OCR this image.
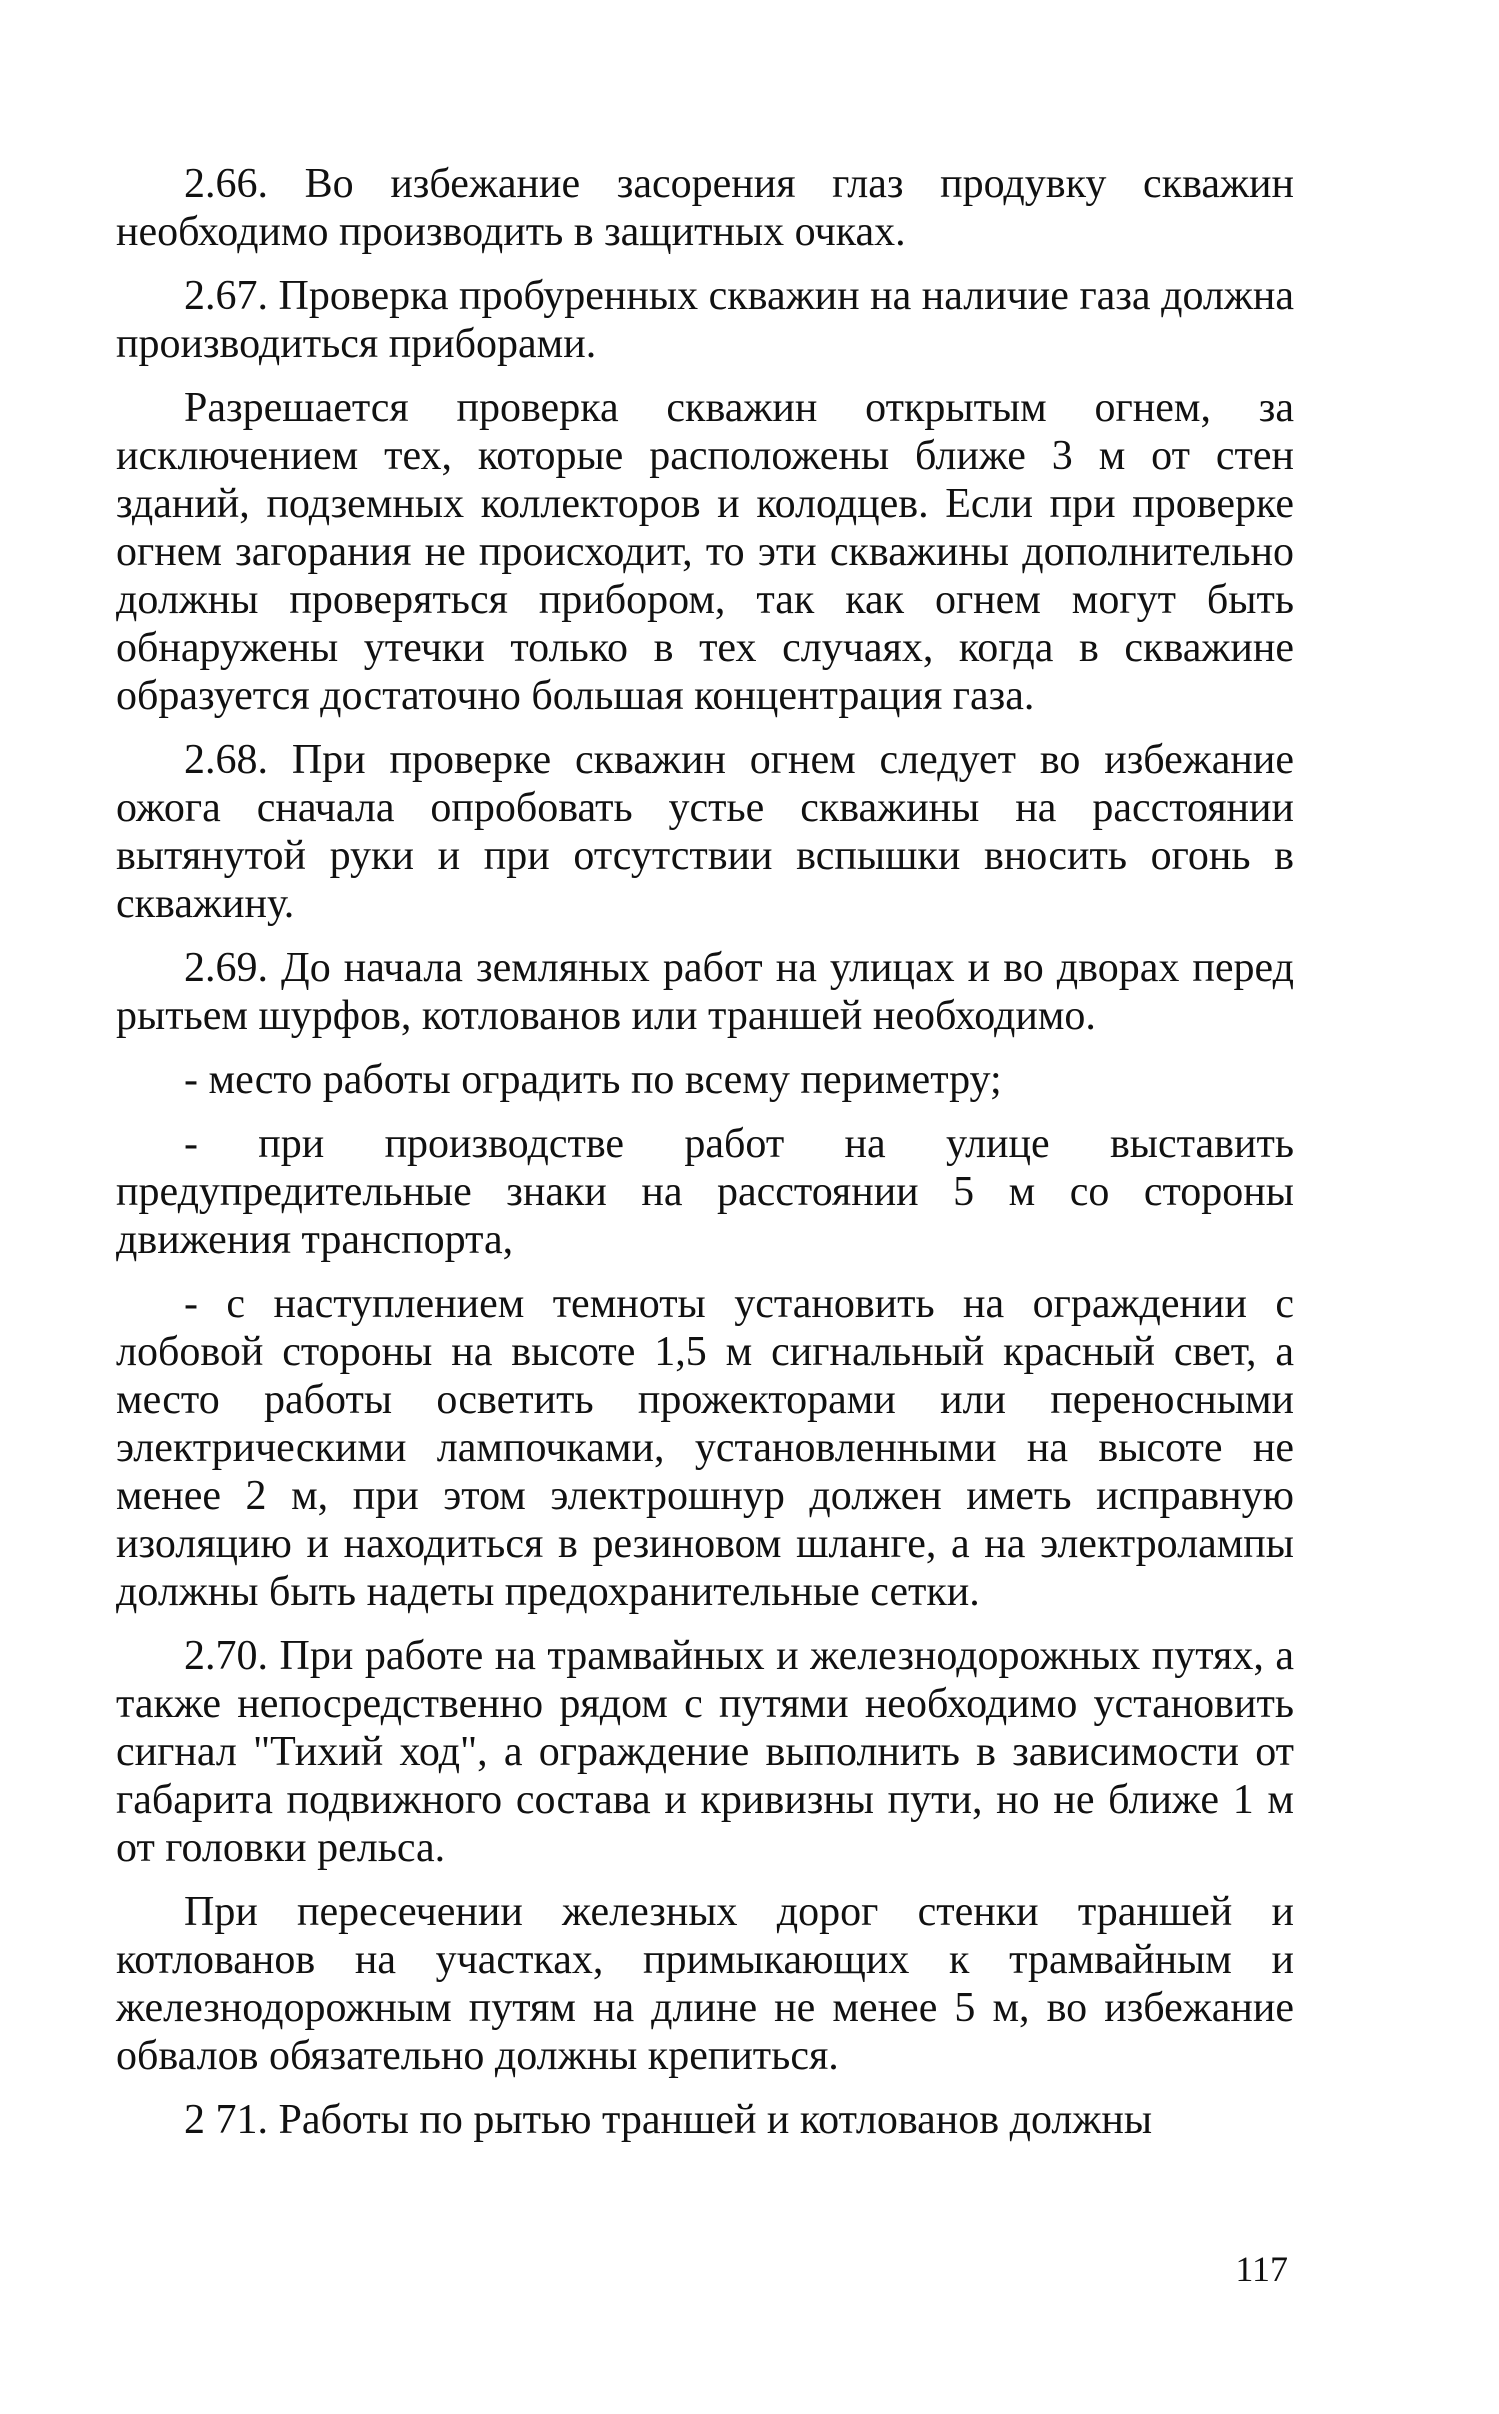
2.66. Во избежание засорения глаз продувку скважин необходимо производить в защитных очках.

2.67. Проверка пробуренных скважин на наличие газа должна производиться приборами.

Разрешается проверка скважин открытым огнем, за исключением тех, которые расположены ближе 3 м от стен зданий, подземных коллекторов и колодцев. Если при проверке огнем загорания не происходит, то эти скважины дополнительно должны проверяться прибором, так как огнем могут быть обнаружены утечки только в тех случаях, когда в скважине образуется достаточно большая концентрация газа.

2.68. При проверке скважин огнем следует во избежание ожога сначала опробовать устье скважины на расстоянии вытянутой руки и при отсутствии вспышки вносить огонь в скважину.

2.69. До начала земляных работ на улицах и во дворах перед рытьем шурфов, котлованов или траншей необходимо.

- место работы оградить по всему периметру;

- при производстве работ на улице выставить предупредительные знаки на расстоянии 5 м со стороны движения транспорта,

- с наступлением темноты установить на ограждении с лобовой стороны на высоте 1,5 м сигнальный красный свет, а место работы осветить прожекторами или переносными электрическими лампочками, установленными на высоте не менее 2 м, при этом электрошнур должен иметь исправную изоляцию и находиться в резиновом шланге, а на электролампы должны быть надеты предохранительные сетки.

2.70. При работе на трамвайных и железнодорожных путях, а также непосредственно рядом с путями необходимо установить сигнал "Тихий ход", а ограждение выполнить в зависимости от габарита подвижного состава и кривизны пути, но не ближе 1 м от головки рельса.

При пересечении железных дорог стенки траншей и котлованов на участках, примыкающих к трамвайным и железнодорожным путям на длине не менее 5 м, во избежание обвалов обязательно должны крепиться.

2 71. Работы по рытью траншей и котлованов должны

117
